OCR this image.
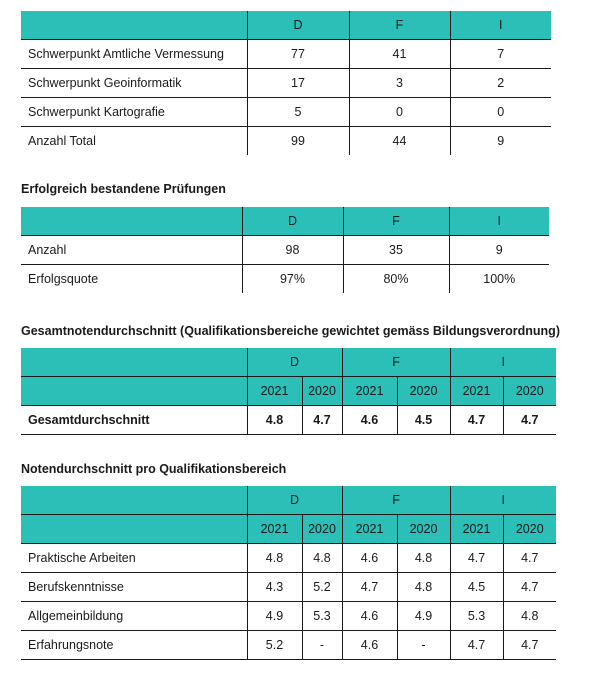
	D	F	I
Schwerpunkt Amtliche Vermessung	77	41	7
Schwerpunkt Geoinformatik	17	3	2
Schwerpunkt Kartografie	5	0	0
Anzahl Total	99	44	9
Erfolgreich bestandene Prüfungen
	D	F	I
Anzahl	98	35	9
Erfolgsquote	97%	80%	100%
Gesamtnotendurchschnitt (Qualifikationsbereiche gewichtet gemäss Bildungsverordnung)
	D		F		I	
	2021	2020	2021	2020	2021	2020
Gesamtdurchschnitt	4.8	4.7	4.6	4.5	4.7	4.7
Notendurchschnitt pro Qualifikationsbereich
	D		F		I	
	2021	2020	2021	2020	2021	2020
Praktische Arbeiten	4.8	4.8	4.6	4.8	4.7	4.7
Berufskenntnisse	4.3	5.2	4.7	4.8	4.5	4.7
Allgemeinbildung	4.9	5.3	4.6	4.9	5.3	4.8
Erfahrungsnote	5.2	-	4.6	-	4.7	4.7
